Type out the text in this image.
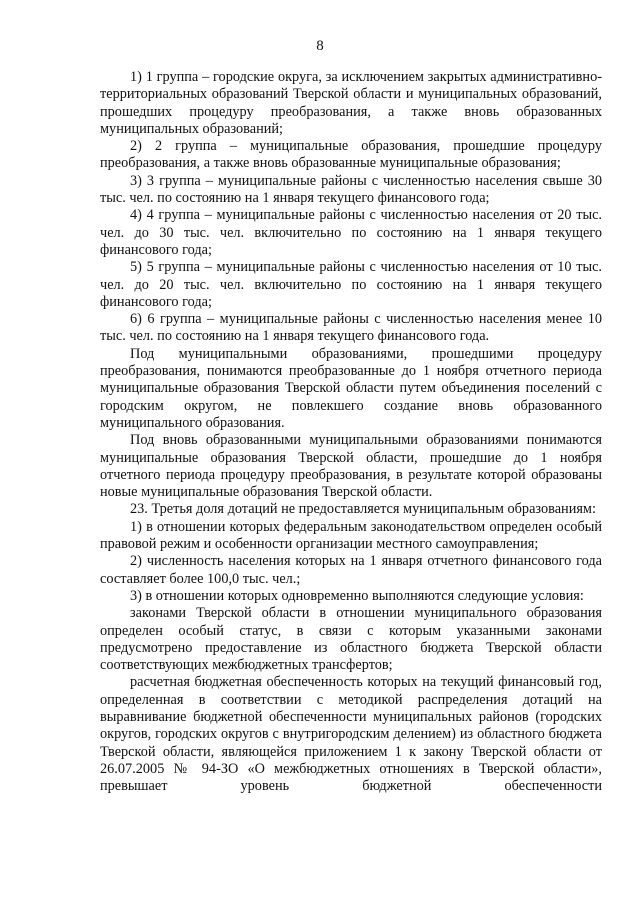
8

1) 1 группа – городские округа, за исключением закрытых административно-территориальных образований Тверской области и муниципальных образований, прошедших процедуру преобразования, а также вновь образованных муниципальных образований;

2) 2 группа – муниципальные образования, прошедшие процедуру преобразования, а также вновь образованные муниципальные образования;

3) 3 группа – муниципальные районы с численностью населения свыше 30 тыс. чел. по состоянию на 1 января текущего финансового года;

4) 4 группа – муниципальные районы с численностью населения от 20 тыс. чел. до 30 тыс. чел. включительно по состоянию на 1 января текущего финансового года;

5) 5 группа – муниципальные районы с численностью населения от 10 тыс. чел. до 20 тыс. чел. включительно по состоянию на 1 января текущего финансового года;

6) 6 группа – муниципальные районы с численностью населения менее 10 тыс. чел. по состоянию на 1 января текущего финансового года.

Под муниципальными образованиями, прошедшими процедуру преобразования, понимаются преобразованные до 1 ноября отчетного периода муниципальные образования Тверской области путем объединения поселений с городским округом, не повлекшего создание вновь образованного муниципального образования.

Под вновь образованными муниципальными образованиями понимаются муниципальные образования Тверской области, прошедшие до 1 ноября отчетного периода процедуру преобразования, в результате которой образованы новые муниципальные образования Тверской области.

23. Третья доля дотаций не предоставляется муниципальным образованиям:

1) в отношении которых федеральным законодательством определен особый правовой режим и особенности организации местного самоуправления;

2) численность населения которых на 1 января отчетного финансового года составляет более 100,0 тыс. чел.;

3) в отношении которых одновременно выполняются следующие условия:

законами Тверской области в отношении муниципального образования определен особый статус, в связи с которым указанными законами предусмотрено предоставление из областного бюджета Тверской области соответствующих межбюджетных трансфертов;

расчетная бюджетная обеспеченность которых на текущий финансовый год, определенная в соответствии с методикой распределения дотаций на выравнивание бюджетной обеспеченности муниципальных районов (городских округов, городских округов с внутригородским делением) из областного бюджета Тверской области, являющейся приложением 1 к закону Тверской области от 26.07.2005 № 94-ЗО «О межбюджетных отношениях в Тверской области», превышает уровень бюджетной обеспеченности
